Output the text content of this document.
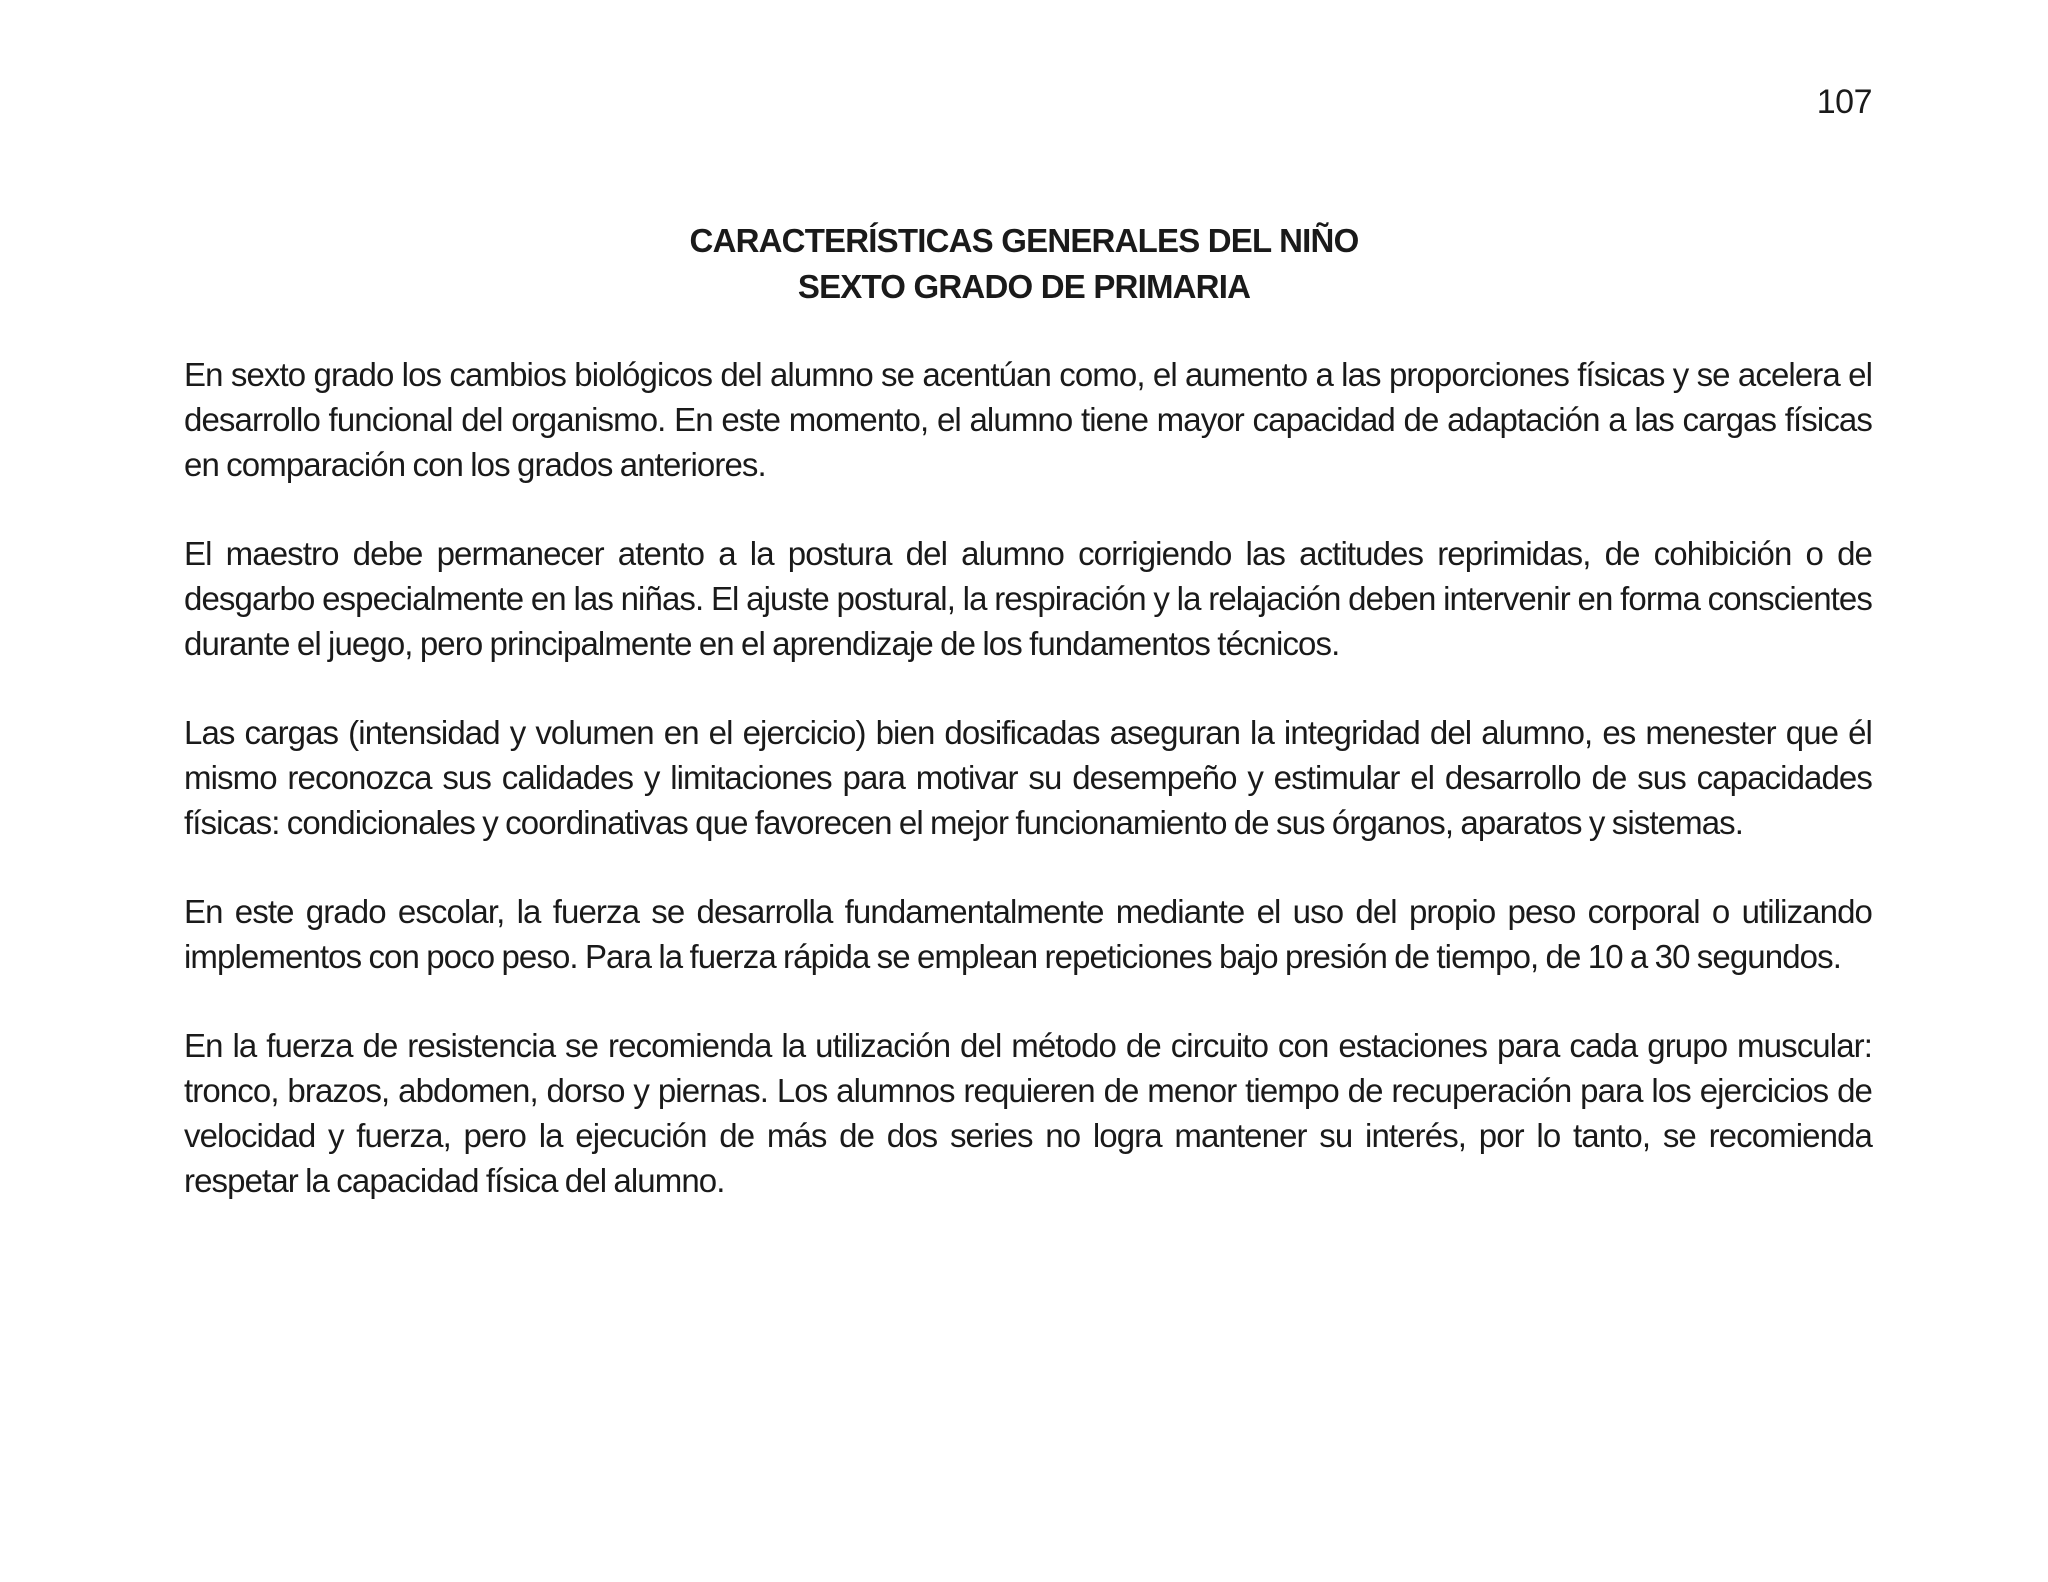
107
CARACTERÍSTICAS GENERALES DEL NIÑO
SEXTO GRADO DE PRIMARIA

En sexto grado los cambios biológicos del alumno se acentúan como, el aumento a las proporciones físicas y se acelera el desarrollo funcional del organismo. En este momento, el alumno tiene mayor capacidad de adaptación a las cargas físicas en comparación con los grados anteriores.

El maestro debe permanecer atento a la postura del alumno corrigiendo las actitudes reprimidas, de cohibición o de desgarbo especialmente en las niñas. El ajuste postural, la respiración y la relajación deben intervenir en forma conscientes durante el juego, pero principalmente en el aprendizaje de los fundamentos técnicos.

Las cargas (intensidad y volumen en el ejercicio) bien dosificadas aseguran la integridad del alumno, es menester que él mismo reconozca sus calidades y limitaciones para motivar su desempeño y estimular el desarrollo de sus capacidades físicas: condicionales y coordinativas que favorecen el mejor funcionamiento de sus órganos, aparatos y sistemas.

En este grado escolar, la fuerza se desarrolla fundamentalmente mediante el uso del propio peso corporal o utilizando implementos con poco peso. Para la fuerza rápida se emplean repeticiones bajo presión de tiempo, de 10 a 30 segundos.

En la fuerza de resistencia se recomienda la utilización del método de circuito con estaciones para cada grupo muscular: tronco, brazos, abdomen, dorso y piernas. Los alumnos requieren de menor tiempo de recuperación para los ejercicios de velocidad y fuerza, pero la ejecución de más de dos series no logra mantener su interés, por lo tanto, se recomienda respetar la capacidad física del alumno.
